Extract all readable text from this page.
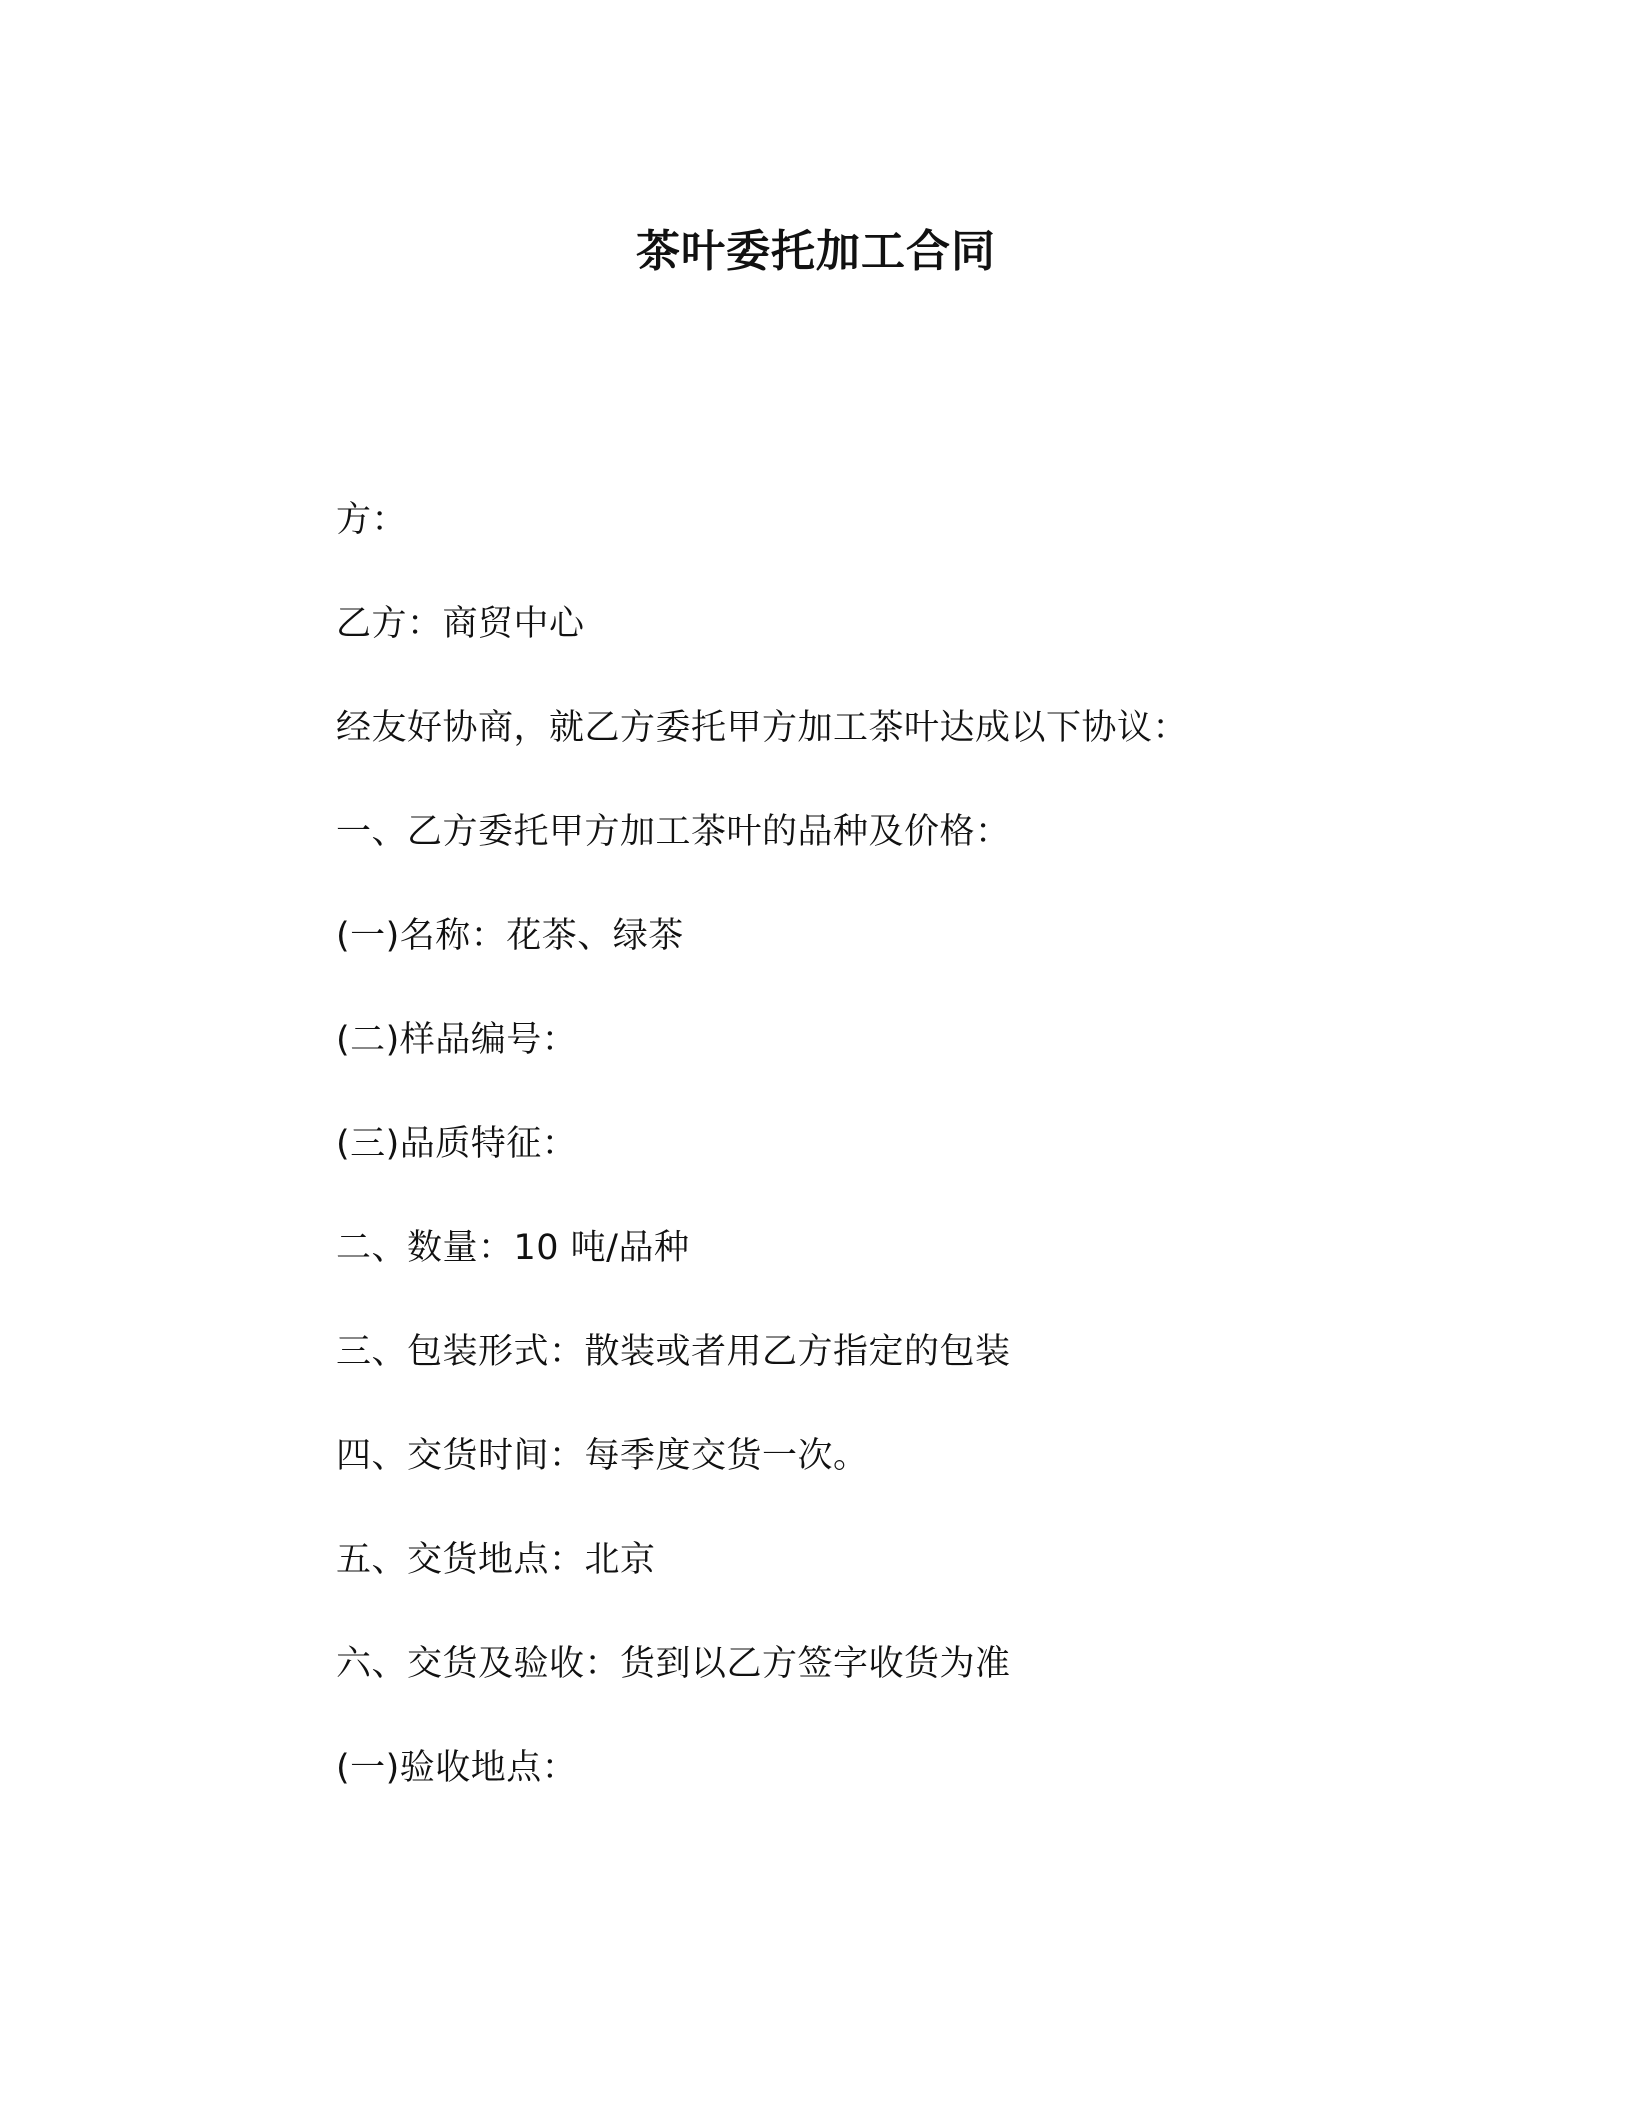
茶叶委托加工合同
方：
乙方：商贸中心
经友好协商，就乙方委托甲方加工茶叶达成以下协议：
一、乙方委托甲方加工茶叶的品种及价格：
(一)名称：花茶、绿茶
(二)样品编号：
(三)品质特征：
二、数量：10 吨/品种
三、包装形式：散装或者用乙方指定的包装
四、交货时间：每季度交货一次。
五、交货地点：北京
六、交货及验收：货到以乙方签字收货为准
(一)验收地点：
